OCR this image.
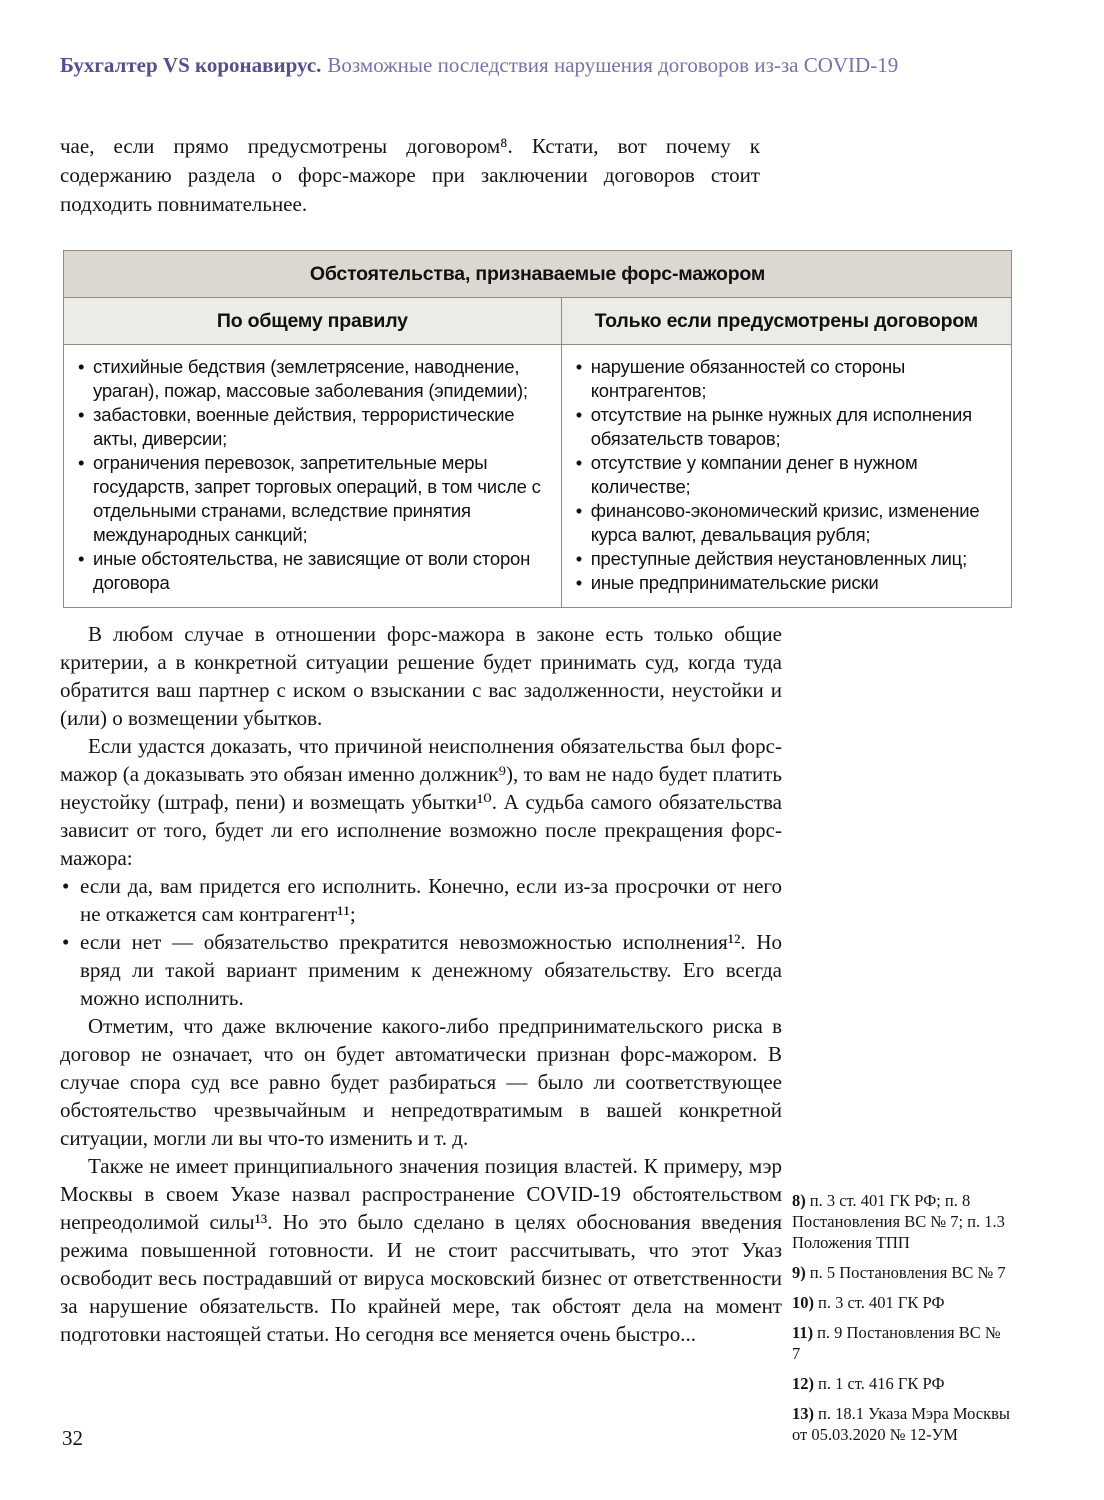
Бухгалтер VS коронавирус. Возможные последствия нарушения договоров из-за COVID-19

чае, если прямо предусмотрены договором⁸. Кстати, вот почему к содержанию раздела о форс-мажоре при заключении договоров стоит подходить повнимательнее.

Обстоятельства, признаваемые форс-мажором	
По общему правилу	Только если предусмотрены договором

• стихийные бедствия (землетрясение, наводнение, ураган), пожар, массовые заболевания (эпидемии);
• забастовки, военные действия, террористические акты, диверсии;
• ограничения перевозок, запретительные меры государств, запрет торговых операций, в том числе с отдельными странами, вследствие принятия международных санкций;
• иные обстоятельства, не зависящие от воли сторон договора

• нарушение обязанностей со стороны контрагентов;
• отсутствие на рынке нужных для исполнения обязательств товаров;
• отсутствие у компании денег в нужном количестве;
• финансово-экономический кризис, изменение курса валют, девальвация рубля;
• преступные действия неустановленных лиц;
• иные предпринимательские риски

В любом случае в отношении форс-мажора в законе есть только общие критерии, а в конкретной ситуации решение будет принимать суд, когда туда обратится ваш партнер с иском о взыскании с вас задолженности, неустойки и (или) о возмещении убытков.

Если удастся доказать, что причиной неисполнения обязательства был форс-мажор (а доказывать это обязан именно должник⁹), то вам не надо будет платить неустойку (штраф, пени) и возмещать убытки¹⁰. А судьба самого обязательства зависит от того, будет ли его исполнение возможно после прекращения форс-мажора:

• если да, вам придется его исполнить. Конечно, если из-за просрочки от него не откажется сам контрагент¹¹;
• если нет — обязательство прекратится невозможностью исполнения¹². Но вряд ли такой вариант применим к денежному обязательству. Его всегда можно исполнить.

Отметим, что даже включение какого-либо предпринимательского риска в договор не означает, что он будет автоматически признан форс-мажором. В случае спора суд все равно будет разбираться — было ли соответствующее обстоятельство чрезвычайным и непредотвратимым в вашей конкретной ситуации, могли ли вы что-то изменить и т. д.

Также не имеет принципиального значения позиция властей. К примеру, мэр Москвы в своем Указе назвал распространение COVID-19 обстоятельством непреодолимой силы¹³. Но это было сделано в целях обоснования введения режима повышенной готовности. И не стоит рассчитывать, что этот Указ освободит весь пострадавший от вируса московский бизнес от ответственности за нарушение обязательств. По крайней мере, так обстоят дела на момент подготовки настоящей статьи. Но сегодня все меняется очень быстро...

8) п. 3 ст. 401 ГК РФ; п. 8 Постановления ВС № 7; п. 1.3 Положения ТПП

9) п. 5 Постановления ВС № 7

10) п. 3 ст. 401 ГК РФ

11) п. 9 Постановления ВС № 7

12) п. 1 ст. 416 ГК РФ

13) п. 18.1 Указа Мэра Москвы от 05.03.2020 № 12-УМ

32
